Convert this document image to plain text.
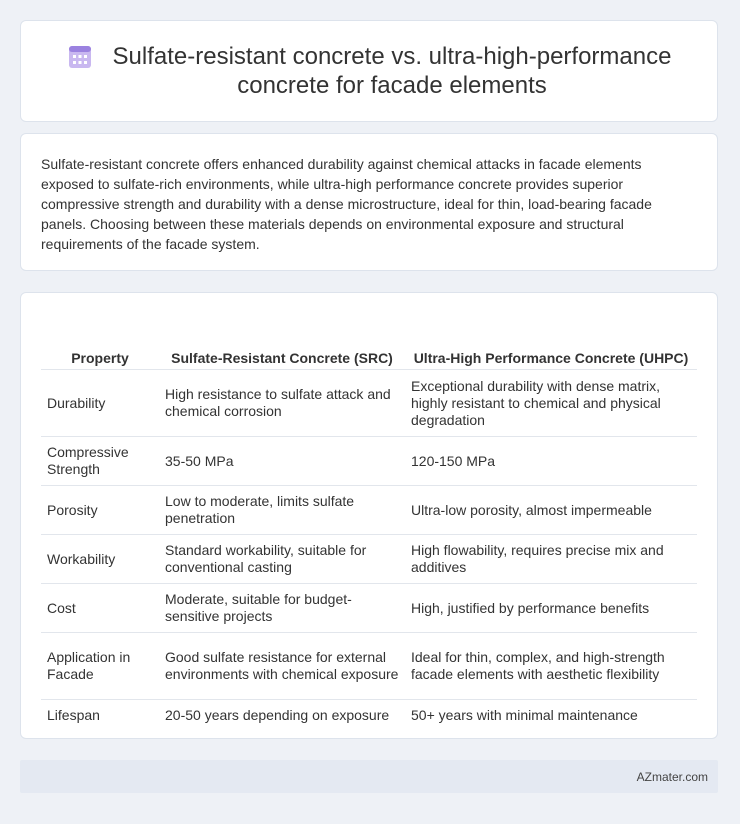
Sulfate-resistant concrete vs. ultra-high-performance concrete for facade elements

Sulfate-resistant concrete offers enhanced durability against chemical attacks in facade elements exposed to sulfate-rich environments, while ultra-high performance concrete provides superior compressive strength and durability with a dense microstructure, ideal for thin, load-bearing facade panels. Choosing between these materials depends on environmental exposure and structural requirements of the facade system.

Property	Sulfate-Resistant Concrete (SRC)	Ultra-High Performance Concrete (UHPC)
Durability	High resistance to sulfate attack and chemical corrosion	Exceptional durability with dense matrix, highly resistant to chemical and physical degradation
Compressive Strength	35-50 MPa	120-150 MPa
Porosity	Low to moderate, limits sulfate penetration	Ultra-low porosity, almost impermeable
Workability	Standard workability, suitable for conventional casting	High flowability, requires precise mix and additives
Cost	Moderate, suitable for budget-sensitive projects	High, justified by performance benefits
Application in Facade	Good sulfate resistance for external environments with chemical exposure	Ideal for thin, complex, and high-strength facade elements with aesthetic flexibility
Lifespan	20-50 years depending on exposure	50+ years with minimal maintenance
AZmater.com
